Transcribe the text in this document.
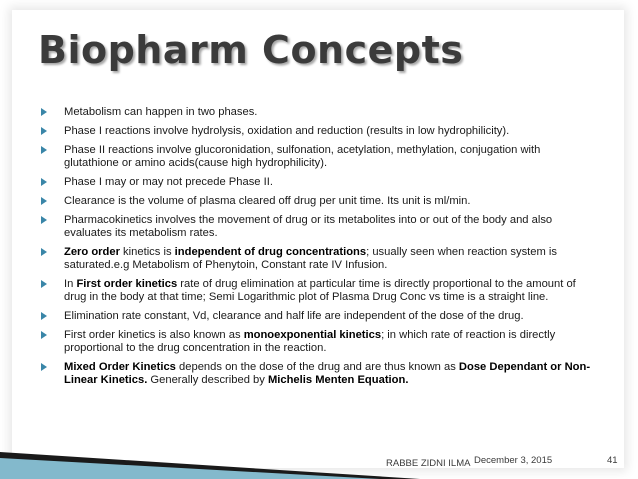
Biopharm Concepts
Metabolism can happen in two phases.
Phase I reactions involve hydrolysis, oxidation and reduction (results in low hydrophilicity).
Phase II reactions involve glucoronidation, sulfonation, acetylation, methylation, conjugation with glutathione or amino acids(cause high hydrophilicity).
Phase I may or may not precede Phase II.
Clearance is the volume of plasma cleared off drug per unit time. Its unit is ml/min.
Pharmacokinetics involves the movement of drug or its metabolites into or out of the body and also evaluates its metabolism rates.
Zero order kinetics is independent of drug concentrations; usually seen when reaction system is saturated.e.g Metabolism of Phenytoin, Constant rate IV Infusion.
In First order kinetics rate of drug elimination at particular time is directly proportional to the amount of drug in the body at that time; Semi Logarithmic plot of Plasma Drug Conc vs time is a straight line.
Elimination rate constant, Vd, clearance and half life are independent of the dose of the drug.
First order kinetics is also known as monoexponential kinetics; in which rate of reaction is directly proportional to the drug concentration in the reaction.
Mixed Order Kinetics depends on the dose of the drug and are thus known as Dose Dependant or Non-Linear Kinetics. Generally described by Michelis Menten Equation.
RABBE ZIDNI ILMA December 3, 2015	41
